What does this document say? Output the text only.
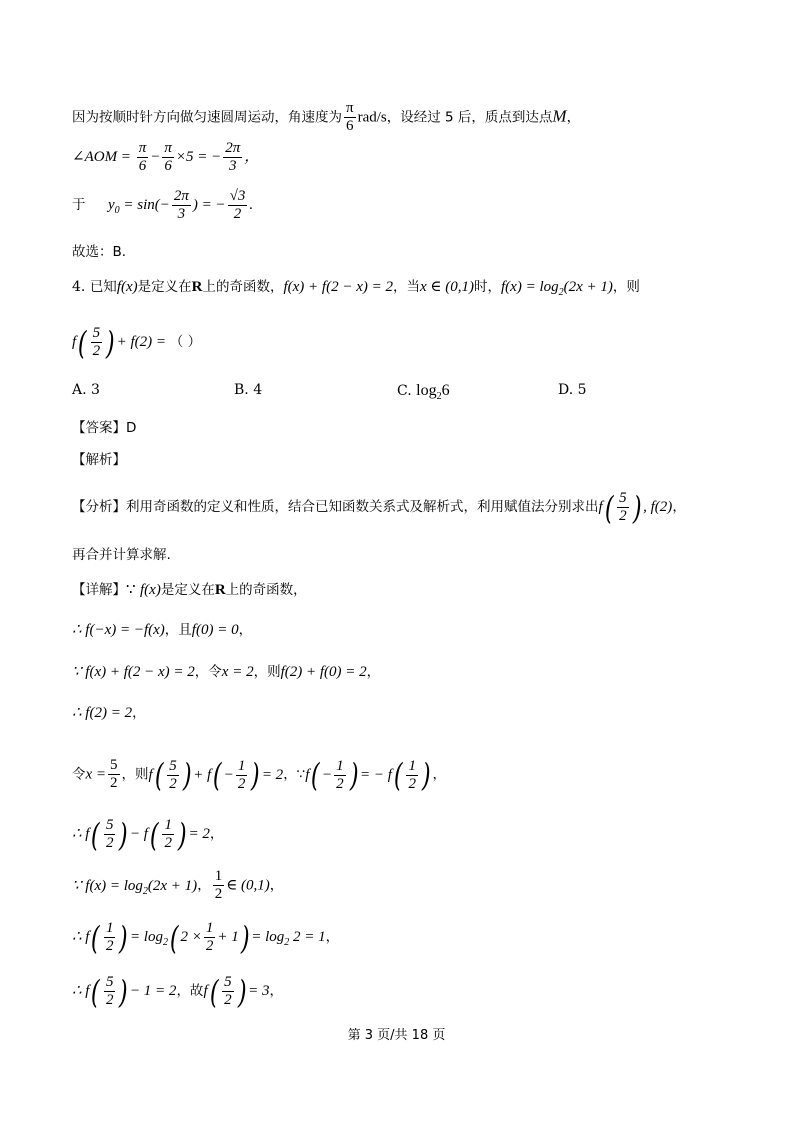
因为按顺时针方向做匀速圆周运动，角速度为 $\frac{\pi}{6} rad/s$，设经过 5 后，质点到达点M，
∠AOM = $\frac{\pi}{6} - \frac{\pi}{6} \times 5$ = − $\frac{2\pi}{3}$ ，
于 $y_0 = \sin(- \frac{2\pi}{3}$ ) = − $\frac{√3}{2}$ .
故选：B.
4. 已知f(x)是定义在R上的奇函数，f(x) + f(2 − x) = 2，当x ∈ (0,1)时，$f(x) = \log_2(2x + 1)$，则
$f( \frac{5}{2}$ ) + f(2) = （ ）
A. 3	B. 4	C. $\log_26$	D. 5
【答案】D
【解析】
【分析】利用奇函数的定义和性质，结合已知函数关系式及解析式，利用赋值法分别求出$f( \frac{5}{2}$ ) , f(2)，
再合并计算求解.
【详解】∵ f(x)是定义在R上的奇函数，
∴ f(−x) = −f(x)，且f(0) = 0，
∵ f(x) + f(2 − x) = 2，令x = 2，则f(2) + f(0) = 2，
∴ f(2) = 2，
令$x = \frac{5}{2}$ ，则$f( \frac{5}{2}$ ) + $f( - \frac{1}{2}$ ) = 2，∵f( − $\frac{1}{2}$ ) = − $f( \frac{1}{2}$ ) ，
∴ $f( \frac{5}{2}$ ) − $f( \frac{1}{2}$ ) = 2，
∵ $f(x) = \log_2(2x + 1)$， $\frac{1}{2}$ ∈ (0,1)，
∴ $f( \frac{1}{2}$ ) = $\log_2$( $2 \times \frac{1}{2} + 1) = \log_2 2 = 1$，
∴ $f( \frac{5}{2}$ ) − 1 = 2，故$f( \frac{5}{2}$ ) = 3，
第 3 页/共 18 页
